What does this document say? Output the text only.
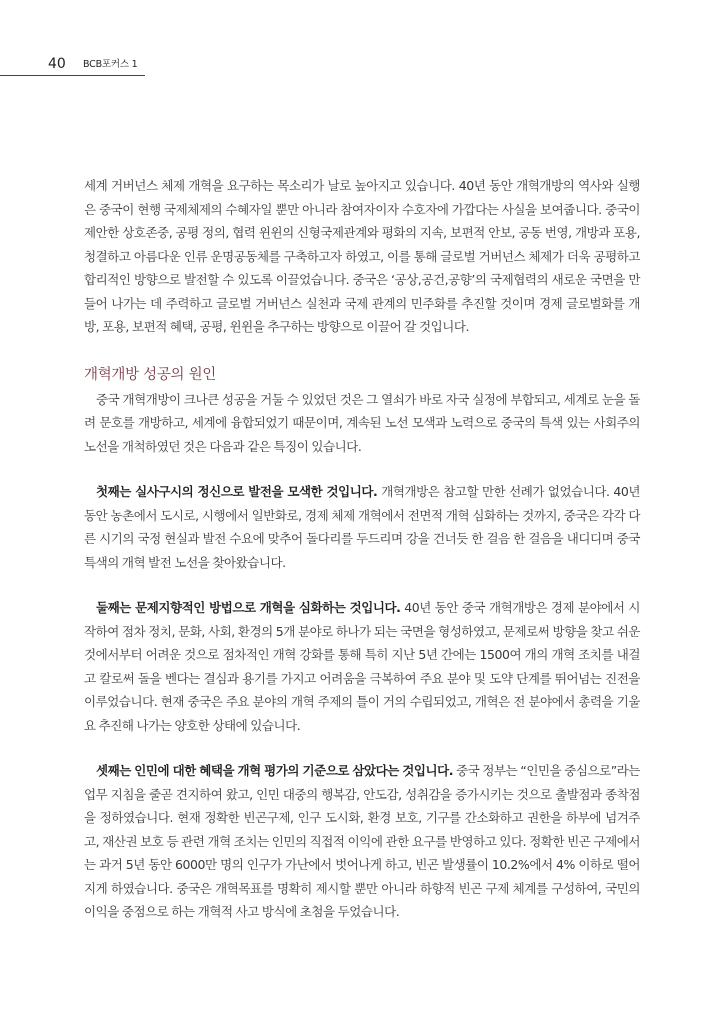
40 BCB포커스 1

세계 거버넌스 체제 개혁을 요구하는 목소리가 날로 높아지고 있습니다. 40년 동안 개혁개방의 역사와 실행은 중국이 현행 국제체제의 수혜자일 뿐만 아니라 참여자이자 수호자에 가깝다는 사실을 보여줍니다. 중국이 제안한 상호존중, 공평 정의, 협력 윈윈의 신형국제관계와 평화의 지속, 보편적 안보, 공동 번영, 개방과 포용, 청결하고 아름다운 인류 운명공동체를 구축하고자 하였고, 이를 통해 글로벌 거버넌스 체제가 더욱 공평하고 합리적인 방향으로 발전할 수 있도록 이끌었습니다. 중국은 ‘공상,공건,공향’의 국제협력의 새로운 국면을 만들어 나가는 데 주력하고 글로벌 거버넌스 실천과 국제 관계의 민주화를 추진할 것이며 경제 글로벌화를 개방, 포용, 보편적 혜택, 공평, 윈윈을 추구하는 방향으로 이끌어 갈 것입니다.

개혁개방 성공의 원인

중국 개혁개방이 크나큰 성공을 거둘 수 있었던 것은 그 열쇠가 바로 자국 실정에 부합되고, 세계로 눈을 돌려 문호를 개방하고, 세계에 융합되었기 때문이며, 계속된 노선 모색과 노력으로 중국의 특색 있는 사회주의 노선을 개척하였던 것은 다음과 같은 특징이 있습니다.

첫째는 실사구시의 정신으로 발전을 모색한 것입니다. 개혁개방은 참고할 만한 선례가 없었습니다. 40년 동안 농촌에서 도시로, 시행에서 일반화로, 경제 체제 개혁에서 전면적 개혁 심화하는 것까지, 중국은 각각 다른 시기의 국정 현실과 발전 수요에 맞추어 돌다리를 두드리며 강을 건너듯 한 걸음 한 걸음을 내디디며 중국 특색의 개혁 발전 노선을 찾아왔습니다.

둘째는 문제지향적인 방법으로 개혁을 심화하는 것입니다. 40년 동안 중국 개혁개방은 경제 분야에서 시작하여 점차 정치, 문화, 사회, 환경의 5개 분야로 하나가 되는 국면을 형성하였고, 문제로써 방향을 찾고 쉬운 것에서부터 어려운 것으로 점차적인 개혁 강화를 통해 특히 지난 5년 간에는 1500여 개의 개혁 조치를 내걸고 칼로써 돌을 벤다는 결심과 용기를 가지고 어려움을 극복하여 주요 분야 및 도약 단계를 뛰어넘는 진전을 이루었습니다. 현재 중국은 주요 분야의 개혁 주제의 틀이 거의 수립되었고, 개혁은 전 분야에서 총력을 기울요 추진해 나가는 양호한 상태에 있습니다.

셋째는 인민에 대한 혜택을 개혁 평가의 기준으로 삼았다는 것입니다. 중국 정부는 “인민을 중심으로”라는 업무 지침을 줄곧 견지하여 왔고, 인민 대중의 행복감, 안도감, 성취감을 증가시키는 것으로 출발점과 종착점을 정하였습니다. 현재 정확한 빈곤구제, 인구 도시화, 환경 보호, 기구를 간소화하고 권한을 하부에 넘겨주고, 재산권 보호 등 관련 개혁 조치는 인민의 직접적 이익에 관한 요구를 반영하고 있다. 정확한 빈곤 구제에서는 과거 5년 동안 6000만 명의 인구가 가난에서 벗어나게 하고, 빈곤 발생률이 10.2%에서 4% 이하로 떨어지게 하였습니다. 중국은 개혁목표를 명확히 제시할 뿐만 아니라 하향적 빈곤 구제 체계를 구성하여, 국민의 이익을 중점으로 하는 개혁적 사고 방식에 초첨을 두었습니다.
